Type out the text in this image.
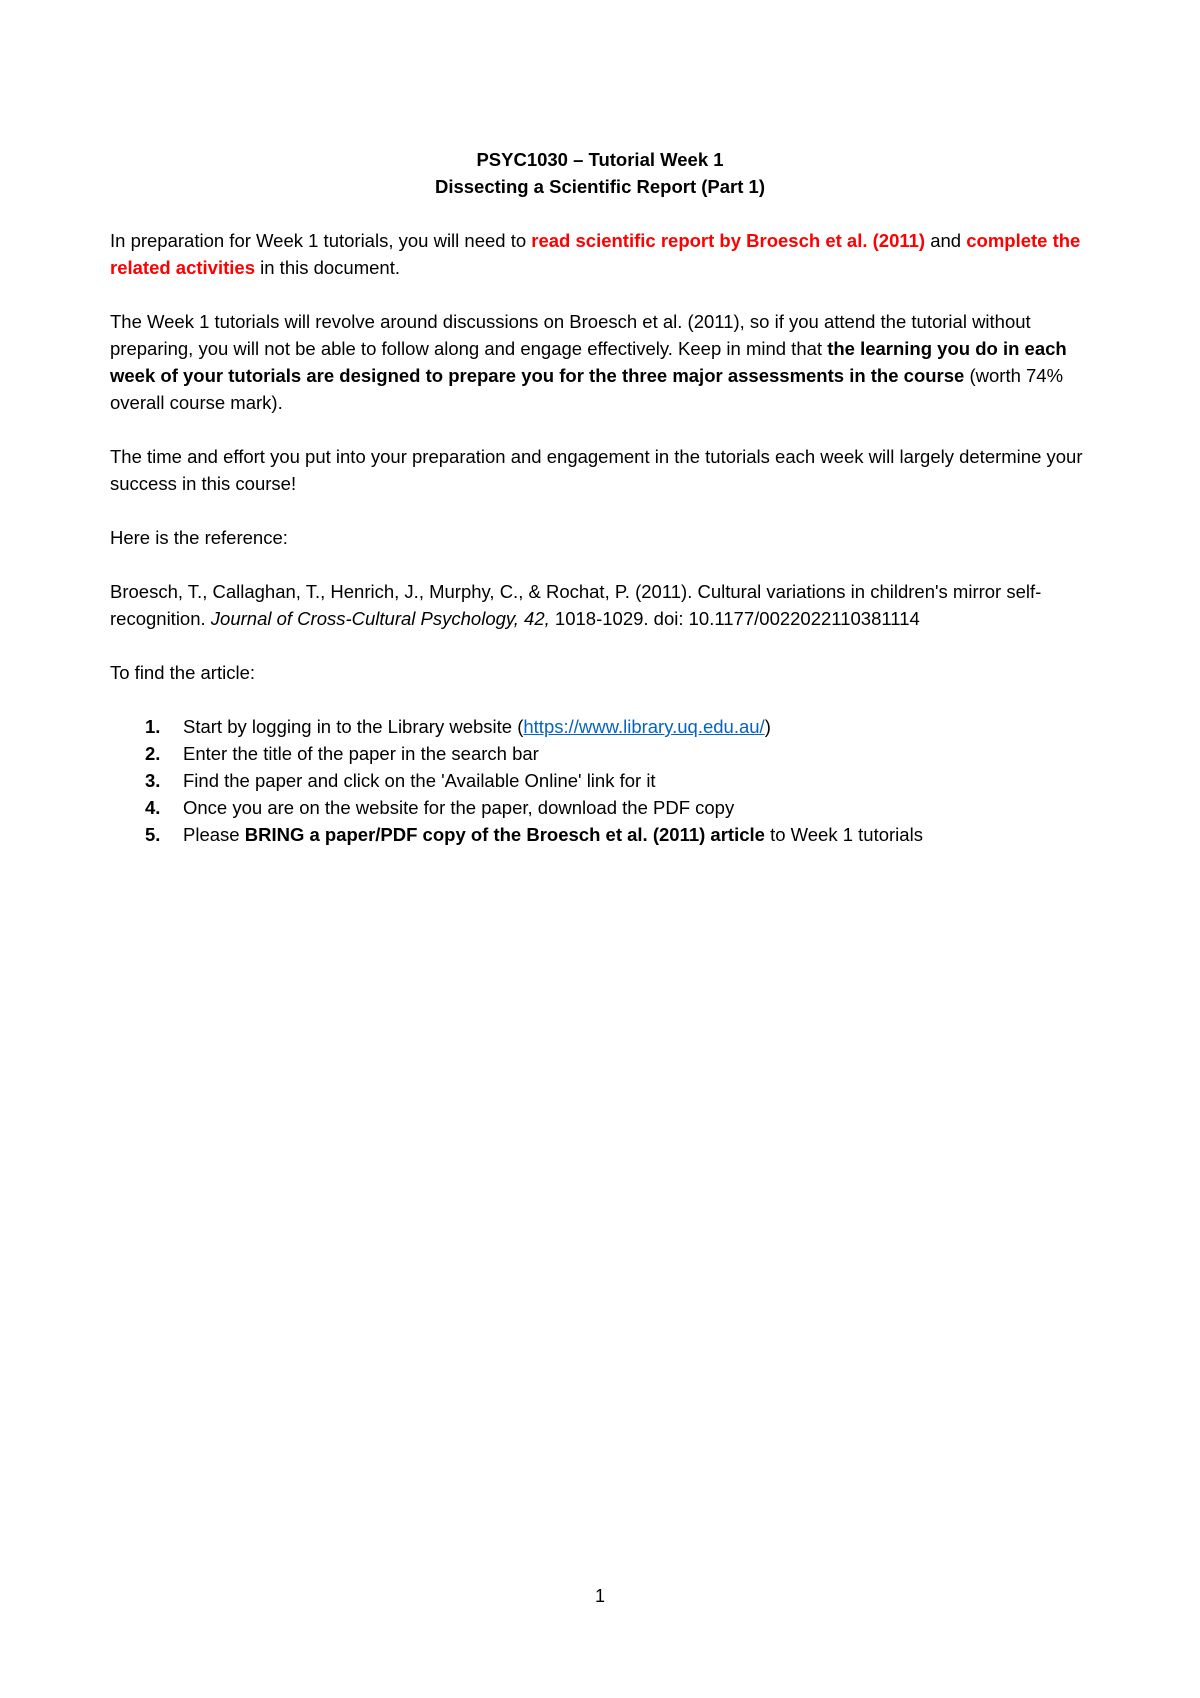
PSYC1030 – Tutorial Week 1
Dissecting a Scientific Report (Part 1)

In preparation for Week 1 tutorials, you will need to read scientific report by Broesch et al. (2011) and complete the related activities in this document.

The Week 1 tutorials will revolve around discussions on Broesch et al. (2011), so if you attend the tutorial without preparing, you will not be able to follow along and engage effectively. Keep in mind that the learning you do in each week of your tutorials are designed to prepare you for the three major assessments in the course (worth 74% overall course mark).

The time and effort you put into your preparation and engagement in the tutorials each week will largely determine your success in this course!

Here is the reference:

Broesch, T., Callaghan, T., Henrich, J., Murphy, C., & Rochat, P. (2011). Cultural variations in children's mirror self-recognition. Journal of Cross-Cultural Psychology, 42, 1018-1029. doi: 10.1177/0022022110381114

To find the article:

1. Start by logging in to the Library website (https://www.library.uq.edu.au/)
2. Enter the title of the paper in the search bar
3. Find the paper and click on the 'Available Online' link for it
4. Once you are on the website for the paper, download the PDF copy
5. Please BRING a paper/PDF copy of the Broesch et al. (2011) article to Week 1 tutorials
1
